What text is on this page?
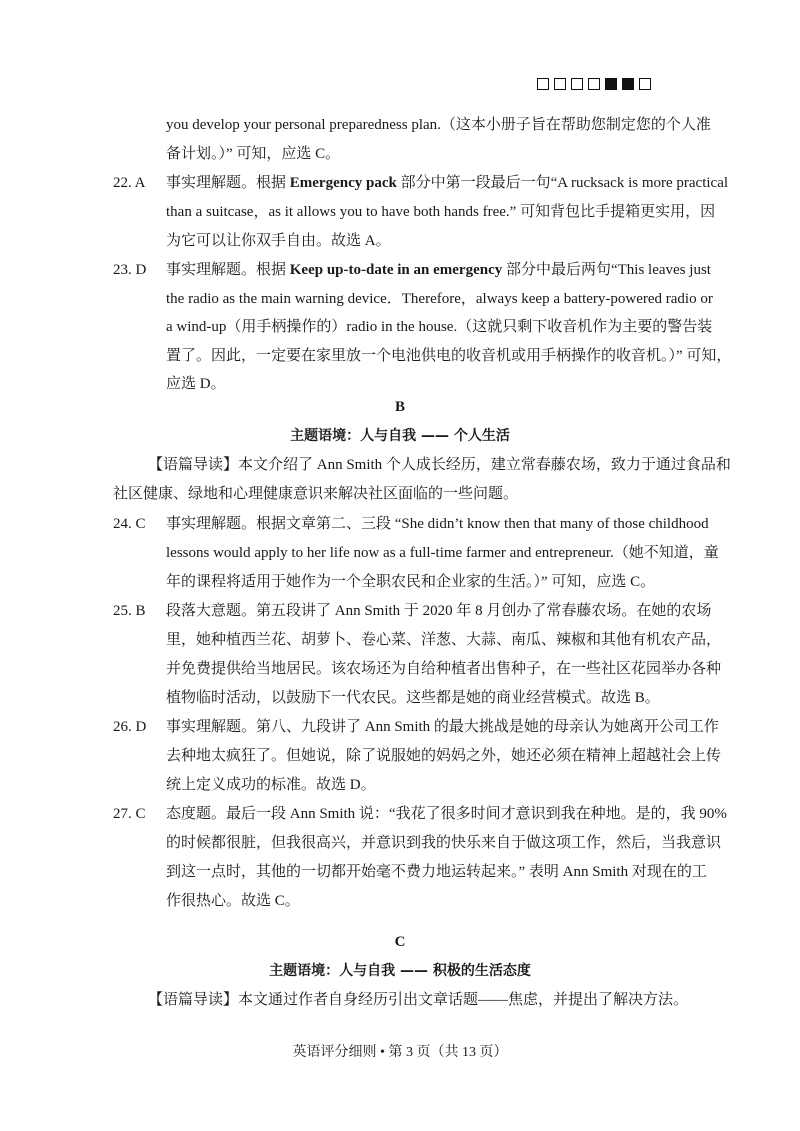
you develop your personal preparedness plan.（这本小册子旨在帮助您制定您的个人准
备计划。）” 可知，应选 C。
22. A 事实理解题。根据 Emergency pack 部分中第一段最后一句“A rucksack is more practical
than a suitcase，as it allows you to have both hands free.” 可知背包比手提箱更实用，因
为它可以让你双手自由。故选 A。
23. D 事实理解题。根据 Keep up-to-date in an emergency 部分中最后两句“This leaves just
the radio as the main warning device．Therefore，always keep a battery-powered radio or
a wind-up（用手柄操作的）radio in the house.（这就只剩下收音机作为主要的警告装
置了。因此，一定要在家里放一个电池供电的收音机或用手柄操作的收音机。）” 可知，
应选 D。
B
主题语境：人与自我 —— 个人生活
【语篇导读】本文介绍了 Ann Smith 个人成长经历，建立常春藤农场，致力于通过食品和
社区健康、绿地和心理健康意识来解决社区面临的一些问题。
24. C 事实理解题。根据文章第二、三段 “She didn’t know then that many of those childhood
lessons would apply to her life now as a full-time farmer and entrepreneur.（她不知道，童
年的课程将适用于她作为一个全职农民和企业家的生活。）” 可知，应选 C。
25. B 段落大意题。第五段讲了 Ann Smith 于 2020 年 8 月创办了常春藤农场。在她的农场
里，她种植西兰花、胡萝卜、卷心菜、洋葱、大蒜、南瓜、辣椒和其他有机农产品，
并免费提供给当地居民。该农场还为自给种植者出售种子，在一些社区花园举办各种
植物临时活动，以鼓励下一代农民。这些都是她的商业经营模式。故选 B。
26. D 事实理解题。第八、九段讲了 Ann Smith 的最大挑战是她的母亲认为她离开公司工作
去种地太疯狂了。但她说，除了说服她的妈妈之外，她还必须在精神上超越社会上传
统上定义成功的标准。故选 D。
27. C 态度题。最后一段 Ann Smith 说：“我花了很多时间才意识到我在种地。是的，我 90%
的时候都很脏，但我很高兴，并意识到我的快乐来自于做这项工作，然后，当我意识
到这一点时，其他的一切都开始毫不费力地运转起来。” 表明 Ann Smith 对现在的工
作很热心。故选 C。
C
主题语境：人与自我 —— 积极的生活态度
【语篇导读】本文通过作者自身经历引出文章话题——焦虑，并提出了解决方法。
英语评分细则 • 第 3 页（共 13 页）
